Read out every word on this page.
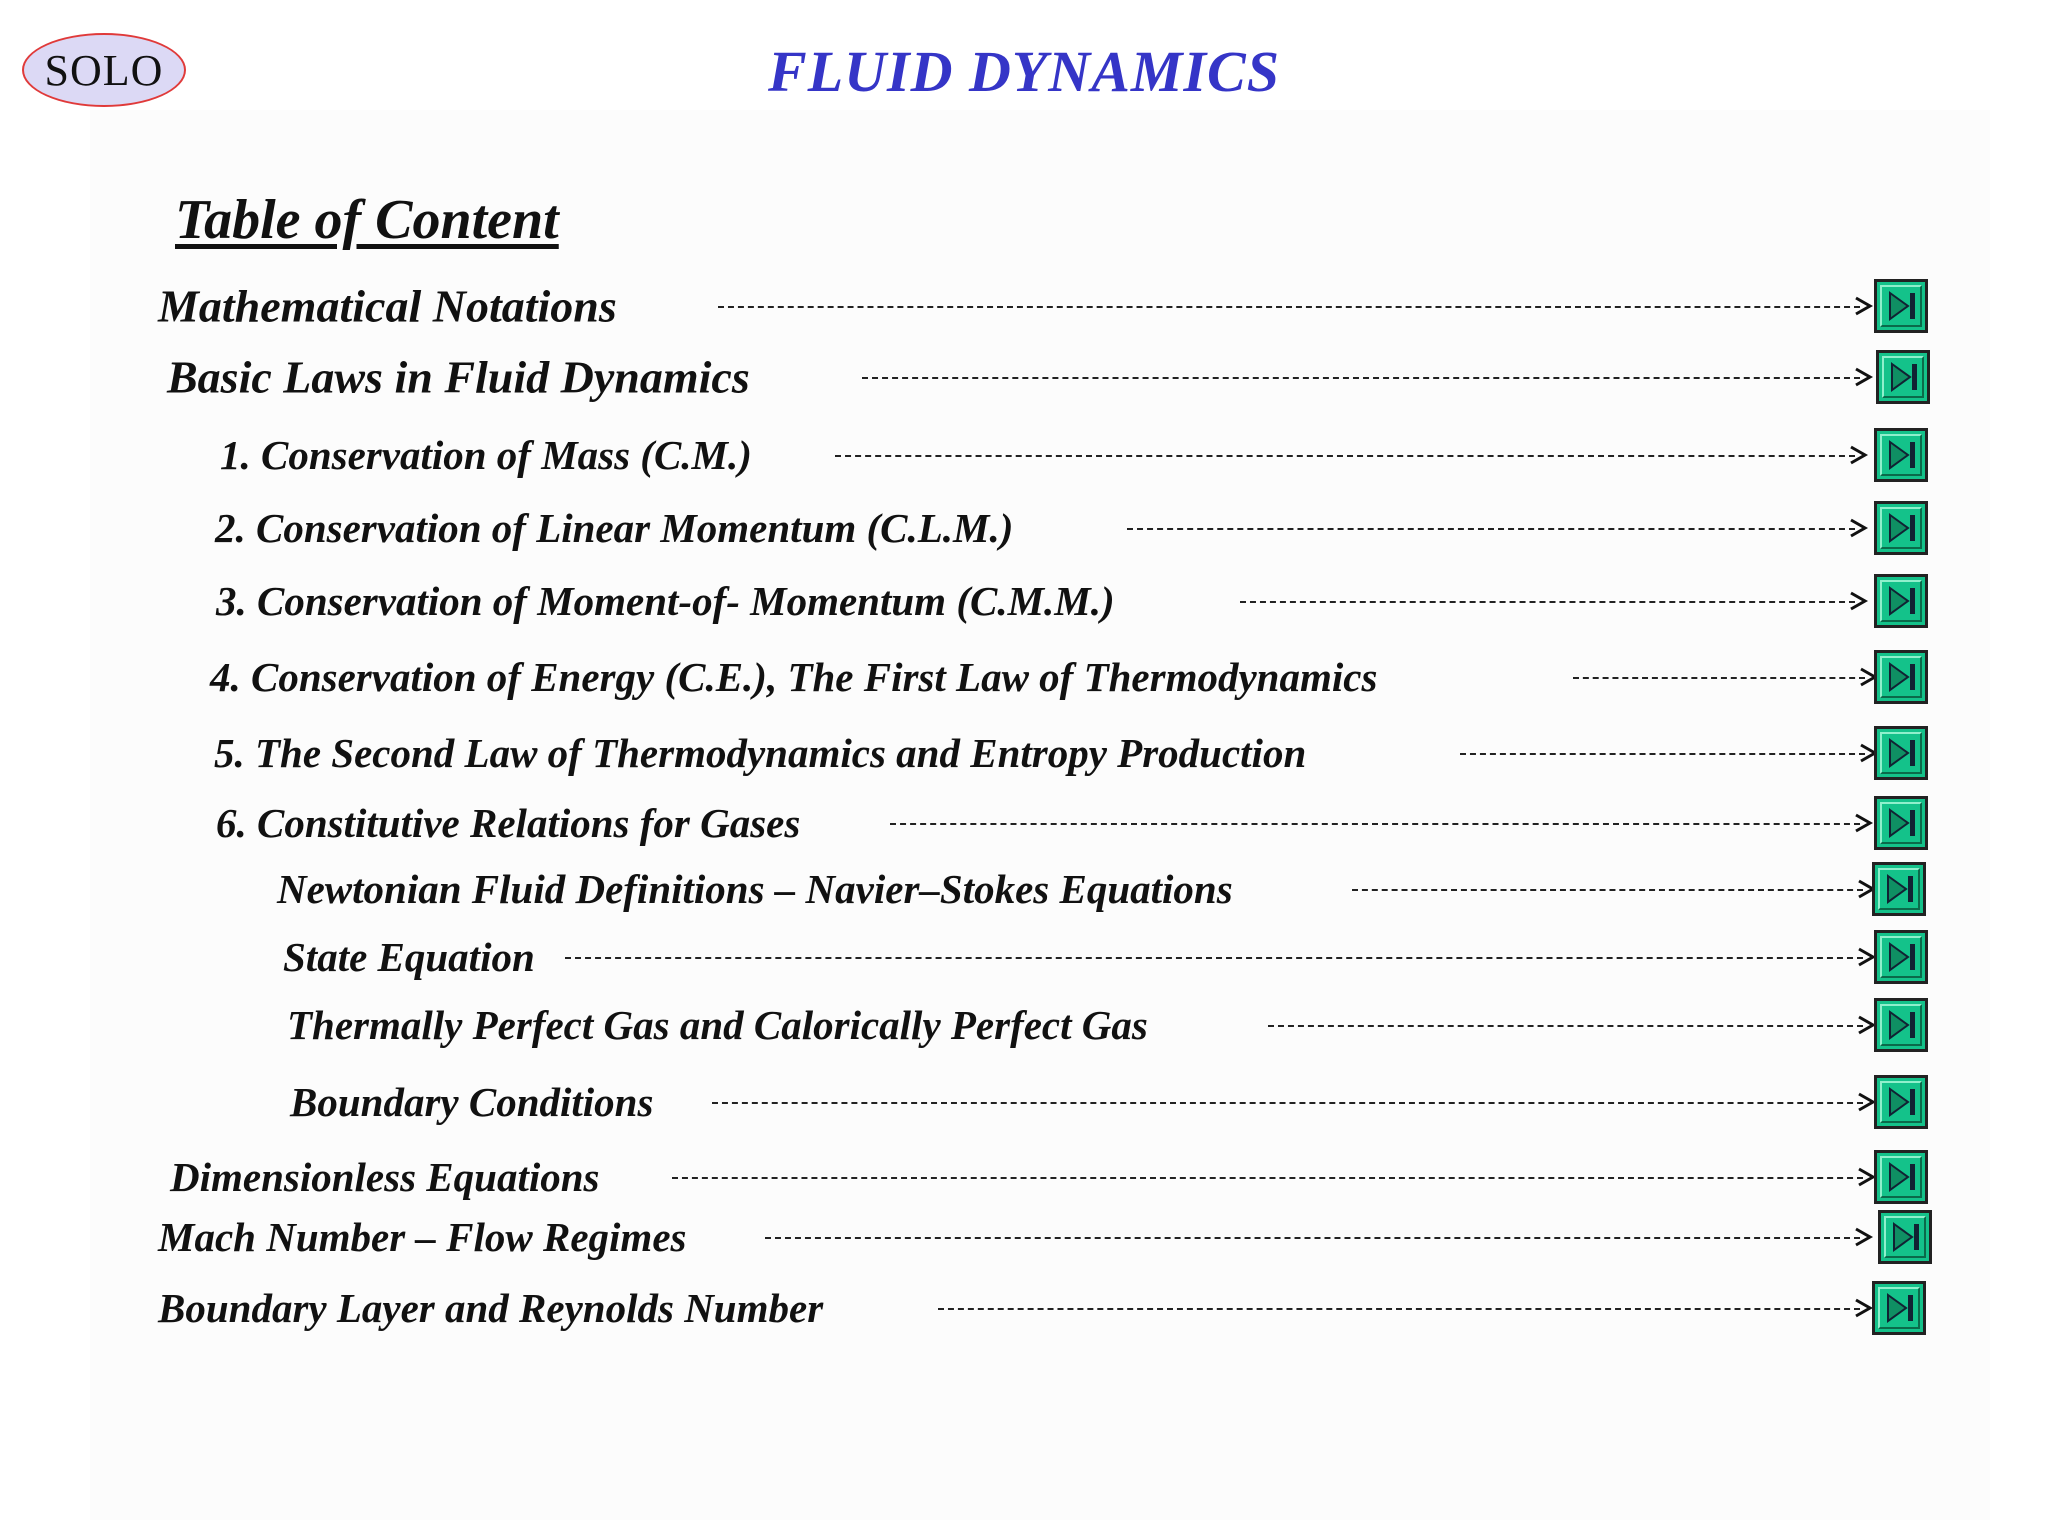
SOLO	FLUID DYNAMICS
Table of Content
Mathematical Notations
Basic Laws in Fluid Dynamics
1. Conservation of Mass (C.M.)
2. Conservation of Linear Momentum (C.L.M.)
3. Conservation of Moment-of- Momentum (C.M.M.)
4. Conservation of Energy (C.E.), The First Law of Thermodynamics
5. The Second Law of Thermodynamics and Entropy Production
6. Constitutive Relations for Gases
Newtonian Fluid Definitions – Navier–Stokes Equations
State Equation
Thermally Perfect Gas and Calorically Perfect Gas
Boundary Conditions
Dimensionless Equations
Mach Number – Flow Regimes
Boundary Layer and Reynolds Number
